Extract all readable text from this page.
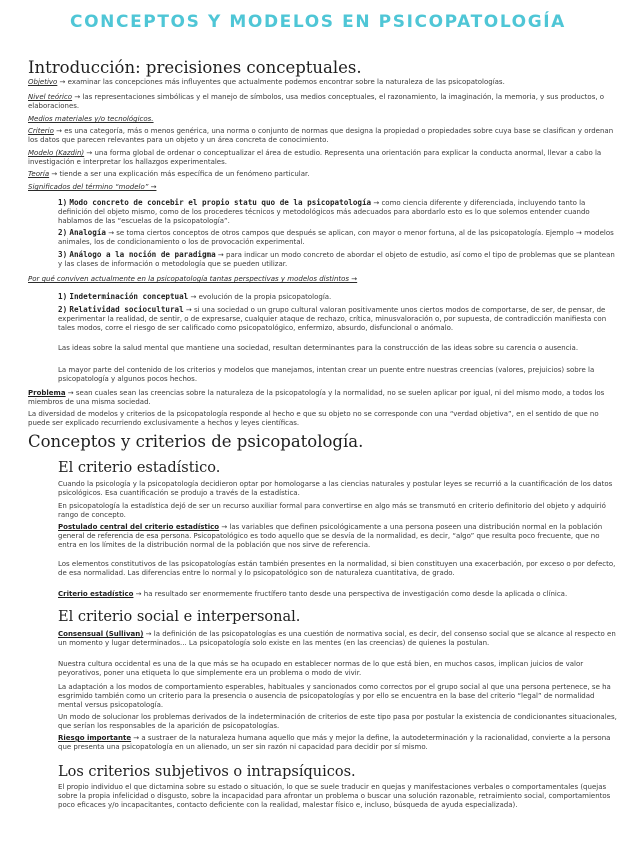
CONCEPTOS Y MODELOS EN PSICOPATOLOGÍA
Introducción: precisiones conceptuales.
Objetivo → examinar las concepciones más influyentes que actualmente podemos encontrar sobre la naturaleza de las psicopatologías.
Nivel teórico → las representaciones simbólicas y el manejo de símbolos, usa medios conceptuales, el razonamiento, la imaginación, la memoria, y sus productos, o elaboraciones.
Medios materiales y/o tecnológicos.
Criterio → es una categoría, más o menos genérica, una norma o conjunto de normas que designa la propiedad o propiedades sobre cuya base se clasifican y ordenan los datos que parecen relevantes para un objeto y un área concreta de conocimiento.
Modelo (Kazdin) → una forma global de ordenar o conceptualizar el área de estudio. Representa una orientación para explicar la conducta anormal, llevar a cabo la investigación e interpretar los hallazgos experimentales.
Teoría → tiende a ser una explicación más específica de un fenómeno particular.
Significados del término “modelo” →
1) Modo concreto de concebir el propio statu quo de la psicopatología → como ciencia diferente y diferenciada, incluyendo tanto la definición del objeto mismo, como de los procederes técnicos y metodológicos más adecuados para abordarlo esto es lo que solemos entender cuando hablamos de las “escuelas de la psicopatología”.
2) Analogía → se toma ciertos conceptos de otros campos que después se aplican, con mayor o menor fortuna, al de las psicopatología. Ejemplo → modelos animales, los de condicionamiento o los de provocación experimental.
3) Análogo a la noción de paradigma → para indicar un modo concreto de abordar el objeto de estudio, así como el tipo de problemas que se plantean y las clases de información o metodología que se pueden utilizar.
Por qué conviven actualmente en la psicopatología tantas perspectivas y modelos distintos →
1) Indeterminación conceptual → evolución de la propia psicopatología.
2) Relatividad sociocultural → si una sociedad o un grupo cultural valoran positivamente unos ciertos modos de comportarse, de ser, de pensar, de experimentar la realidad, de sentir, o de expresarse, cualquier ataque de rechazo, crítica, minusvaloración o, por supuesta, de contradicción manifiesta con tales modos, corre el riesgo de ser calificado como psicopatológico, enfermizo, absurdo, disfuncional o anómalo.
Las ideas sobre la salud mental que mantiene una sociedad, resultan determinantes para la construcción de las ideas sobre su carencia o ausencia.
La mayor parte del contenido de los criterios y modelos que manejamos, intentan crear un puente entre nuestras creencias (valores, prejuicios) sobre la psicopatología y algunos pocos hechos.
Problema → sean cuales sean las creencias sobre la naturaleza de la psicopatología y la normalidad, no se suelen aplicar por igual, ni del mismo modo, a todos los miembros de una misma sociedad.
La diversidad de modelos y criterios de la psicopatología responde al hecho e que su objeto no se corresponde con una “verdad objetiva”, en el sentido de que no puede ser explicado recurriendo exclusivamente a hechos y leyes científicas.
Conceptos y criterios de psicopatología.
El criterio estadístico.
Cuando la psicología y la psicopatología decidieron optar por homologarse a las ciencias naturales y postular leyes se recurrió a la cuantificación de los datos psicológicos. Esa cuantificación se produjo a través de la estadística.
En psicopatología la estadística dejó de ser un recurso auxiliar formal para convertirse en algo más se transmutó en criterio definitorio del objeto y adquirió rango de concepto.
Postulado central del criterio estadístico → las variables que definen psicológicamente a una persona poseen una distribución normal en la población general de referencia de esa persona. Psicopatológico es todo aquello que se desvía de la normalidad, es decir, “algo” que resulta poco frecuente, que no entra en los límites de la distribución normal de la población que nos sirve de referencia.
Los elementos constitutivos de las psicopatologías están también presentes en la normalidad, si bien constituyen una exacerbación, por exceso o por defecto, de esa normalidad. Las diferencias entre lo normal y lo psicopatológico son de naturaleza cuantitativa, de grado.
Criterio estadístico → ha resultado ser enormemente fructífero tanto desde una perspectiva de investigación como desde la aplicada o clínica.
El criterio social e interpersonal.
Consensual (Sullivan) → la definición de las psicopatologías es una cuestión de normativa social, es decir, del consenso social que se alcance al respecto en un momento y lugar determinados... La psicopatología solo existe en las mentes (en las creencias) de quienes la postulan.
Nuestra cultura occidental es una de la que más se ha ocupado en establecer normas de lo que está bien, en muchos casos, implican juicios de valor peyorativos, poner una etiqueta lo que simplemente era un problema o modo de vivir.
La adaptación a los modos de comportamiento esperables, habituales y sancionados como correctos por el grupo social al que una persona pertenece, se ha esgrimido también como un criterio para la presencia o ausencia de psicopatologías y por ello se encuentra en la base del criterio “legal” de normalidad mental versus psicopatología.
Un modo de solucionar los problemas derivados de la indeterminación de criterios de este tipo pasa por postular la existencia de condicionantes situacionales, que serían los responsables de la aparición de psicopatologías.
Riesgo importante → a sustraer de la naturaleza humana aquello que más y mejor la define, la autodeterminación y la racionalidad, convierte a la persona que presenta una psicopatología en un alienado, un ser sin razón ni capacidad para decidir por sí mismo.
Los criterios subjetivos o intrapsíquicos.
El propio individuo el que dictamina sobre su estado o situación, lo que se suele traducir en quejas y manifestaciones verbales o comportamentales (quejas sobre la propia infelicidad o disgusto, sobre la incapacidad para afrontar un problema o buscar una solución razonable, retraimiento social, comportamientos poco eficaces y/o incapacitantes, contacto deficiente con la realidad, malestar físico e, incluso, búsqueda de ayuda especializada).
